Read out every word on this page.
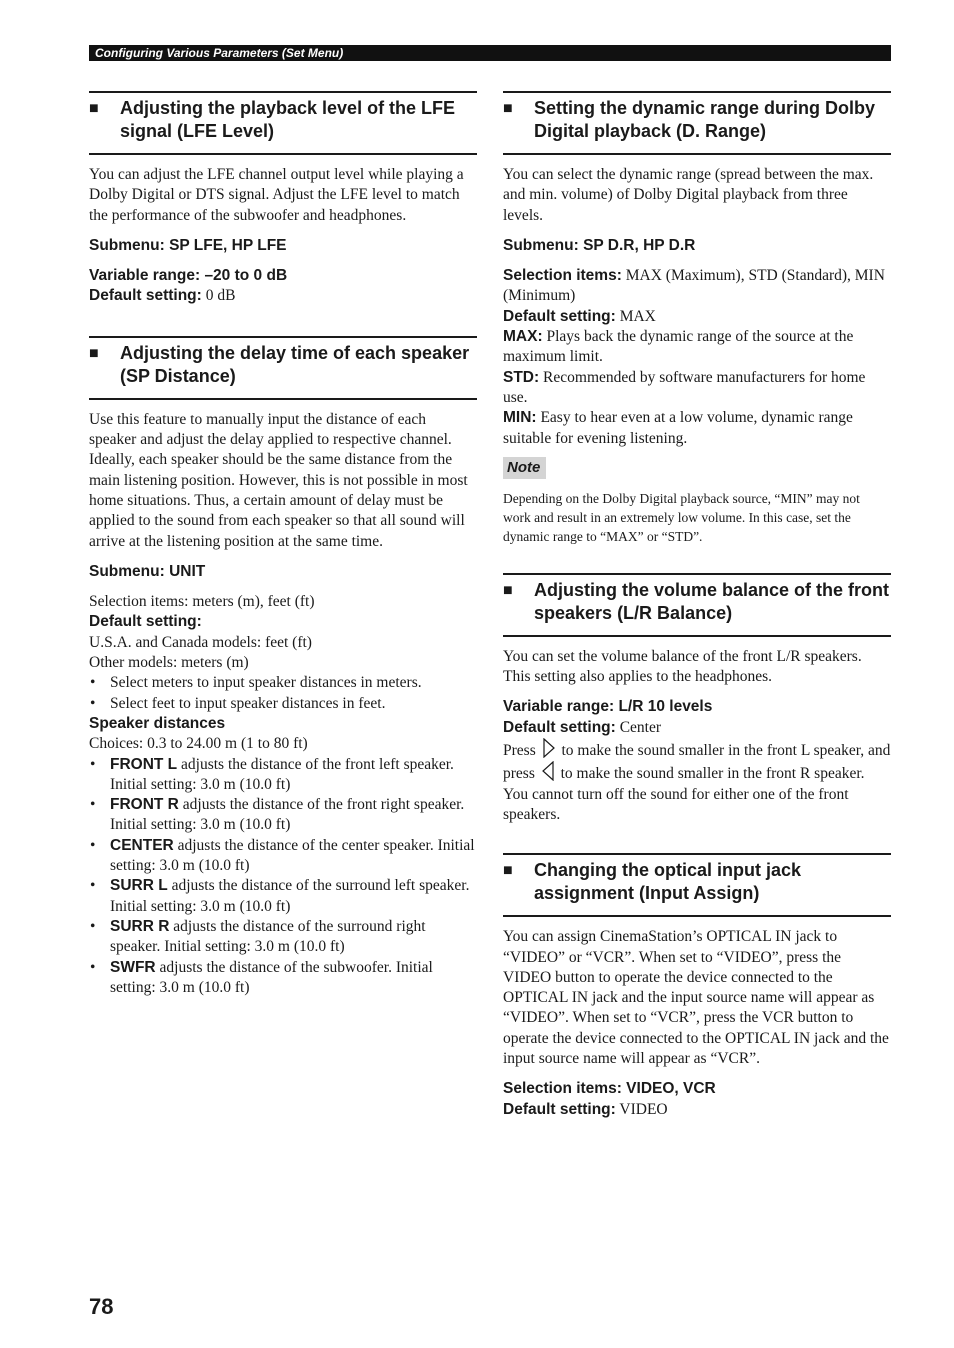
Configuring Various Parameters (Set Menu)
■	Adjusting the playback level of the LFE signal (LFE Level)

You can adjust the LFE channel output level while playing a Dolby Digital or DTS signal. Adjust the LFE level to match the performance of the subwoofer and headphones.

Submenu: SP LFE, HP LFE

Variable range: –20 to 0 dB
Default setting: 0 dB
■	Adjusting the delay time of each speaker (SP Distance)

Use this feature to manually input the distance of each speaker and adjust the delay applied to respective channel. Ideally, each speaker should be the same distance from the main listening position. However, this is not possible in most home situations. Thus, a certain amount of delay must be applied to the sound from each speaker so that all sound will arrive at the listening position at the same time.

Submenu: UNIT

Selection items: meters (m), feet (ft)
Default setting:
U.S.A. and Canada models: feet (ft)
Other models: meters (m)
• Select meters to input speaker distances in meters.
• Select feet to input speaker distances in feet.
Speaker distances
Choices: 0.3 to 24.00 m (1 to 80 ft)
• FRONT L adjusts the distance of the front left speaker. Initial setting: 3.0 m (10.0 ft)
• FRONT R adjusts the distance of the front right speaker. Initial setting: 3.0 m (10.0 ft)
• CENTER adjusts the distance of the center speaker. Initial setting: 3.0 m (10.0 ft)
• SURR L adjusts the distance of the surround left speaker. Initial setting: 3.0 m (10.0 ft)
• SURR R adjusts the distance of the surround right speaker. Initial setting: 3.0 m (10.0 ft)
• SWFR adjusts the distance of the subwoofer. Initial setting: 3.0 m (10.0 ft)
■	Setting the dynamic range during Dolby Digital playback (D. Range)

You can select the dynamic range (spread between the max. and min. volume) of Dolby Digital playback from three levels.

Submenu: SP D.R, HP D.R

Selection items: MAX (Maximum), STD (Standard), MIN (Minimum)
Default setting: MAX
MAX: Plays back the dynamic range of the source at the maximum limit.
STD: Recommended by software manufacturers for home use.
MIN: Easy to hear even at a low volume, dynamic range suitable for evening listening.
Note

Depending on the Dolby Digital playback source, “MIN” may not work and result in an extremely low volume. In this case, set the dynamic range to “MAX” or “STD”.

■	Adjusting the volume balance of the front speakers (L/R Balance)

You can set the volume balance of the front L/R speakers. This setting also applies to the headphones.

Variable range: L/R 10 levels
Default setting: Center

Press  to make the sound smaller in the front L speaker, and press  to make the sound smaller in the front R speaker. You cannot turn off the sound for either one of the front speakers.

■	Changing the optical input jack assignment (Input Assign)

You can assign CinemaStation’s OPTICAL IN jack to “VIDEO” or “VCR”. When set to “VIDEO”, press the VIDEO button to operate the device connected to the OPTICAL IN jack and the input source name will appear as “VIDEO”. When set to “VCR”, press the VCR button to operate the device connected to the OPTICAL IN jack and the input source name will appear as “VCR”.

Selection items: VIDEO, VCR
Default setting: VIDEO
78
